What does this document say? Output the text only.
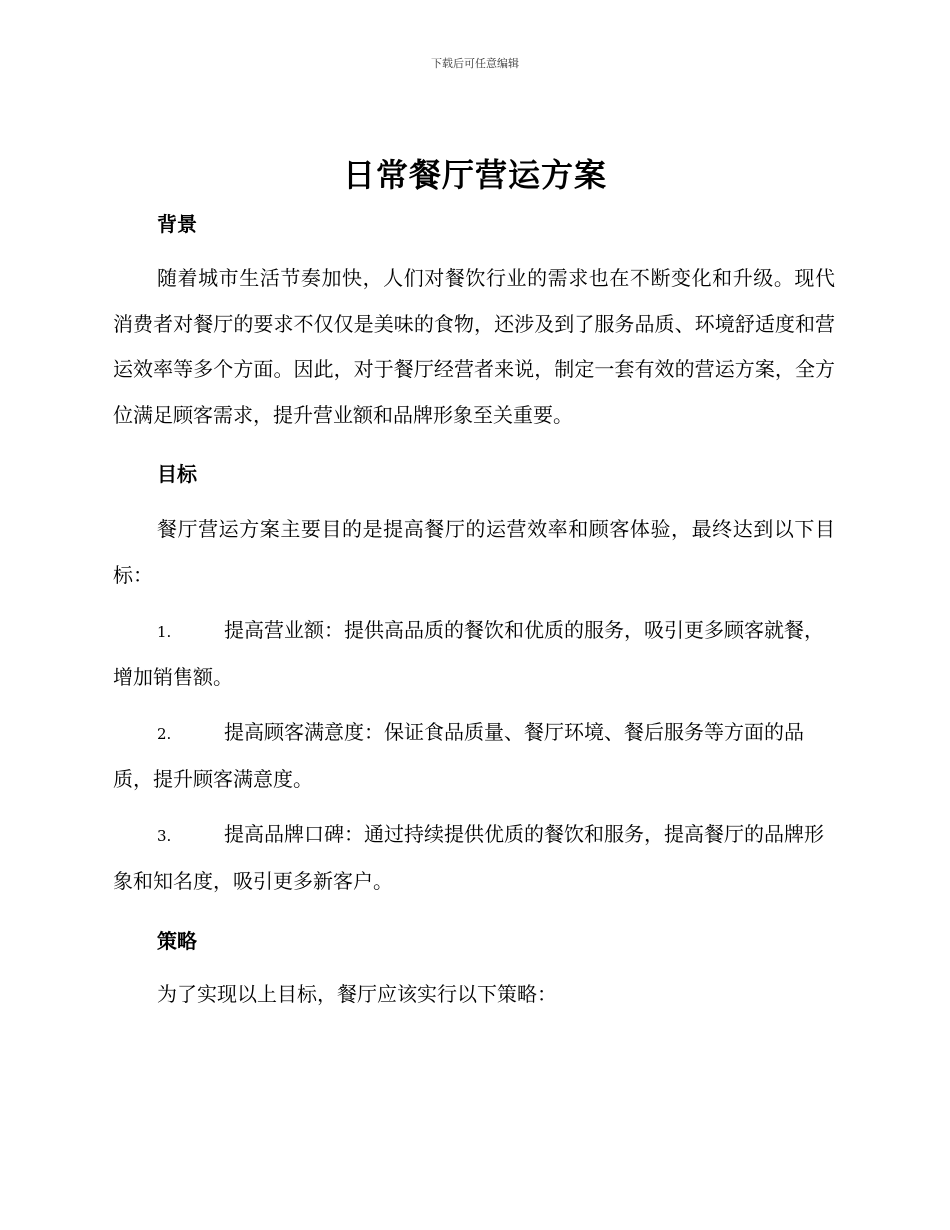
下载后可任意编辑
日常餐厅营运方案
背景

随着城市生活节奏加快，人们对餐饮行业的需求也在不断变化和升级。现代消费者对餐厅的要求不仅仅是美味的食物，还涉及到了服务品质、环境舒适度和营运效率等多个方面。因此，对于餐厅经营者来说，制定一套有效的营运方案，全方位满足顾客需求，提升营业额和品牌形象至关重要。

目标

餐厅营运方案主要目的是提高餐厅的运营效率和顾客体验，最终达到以下目标：

1.	提高营业额：提供高品质的餐饮和优质的服务，吸引更多顾客就餐，增加销售额。

2.	提高顾客满意度：保证食品质量、餐厅环境、餐后服务等方面的品质，提升顾客满意度。

3.	提高品牌口碑：通过持续提供优质的餐饮和服务，提高餐厅的品牌形象和知名度，吸引更多新客户。

策略

为了实现以上目标，餐厅应该实行以下策略：
